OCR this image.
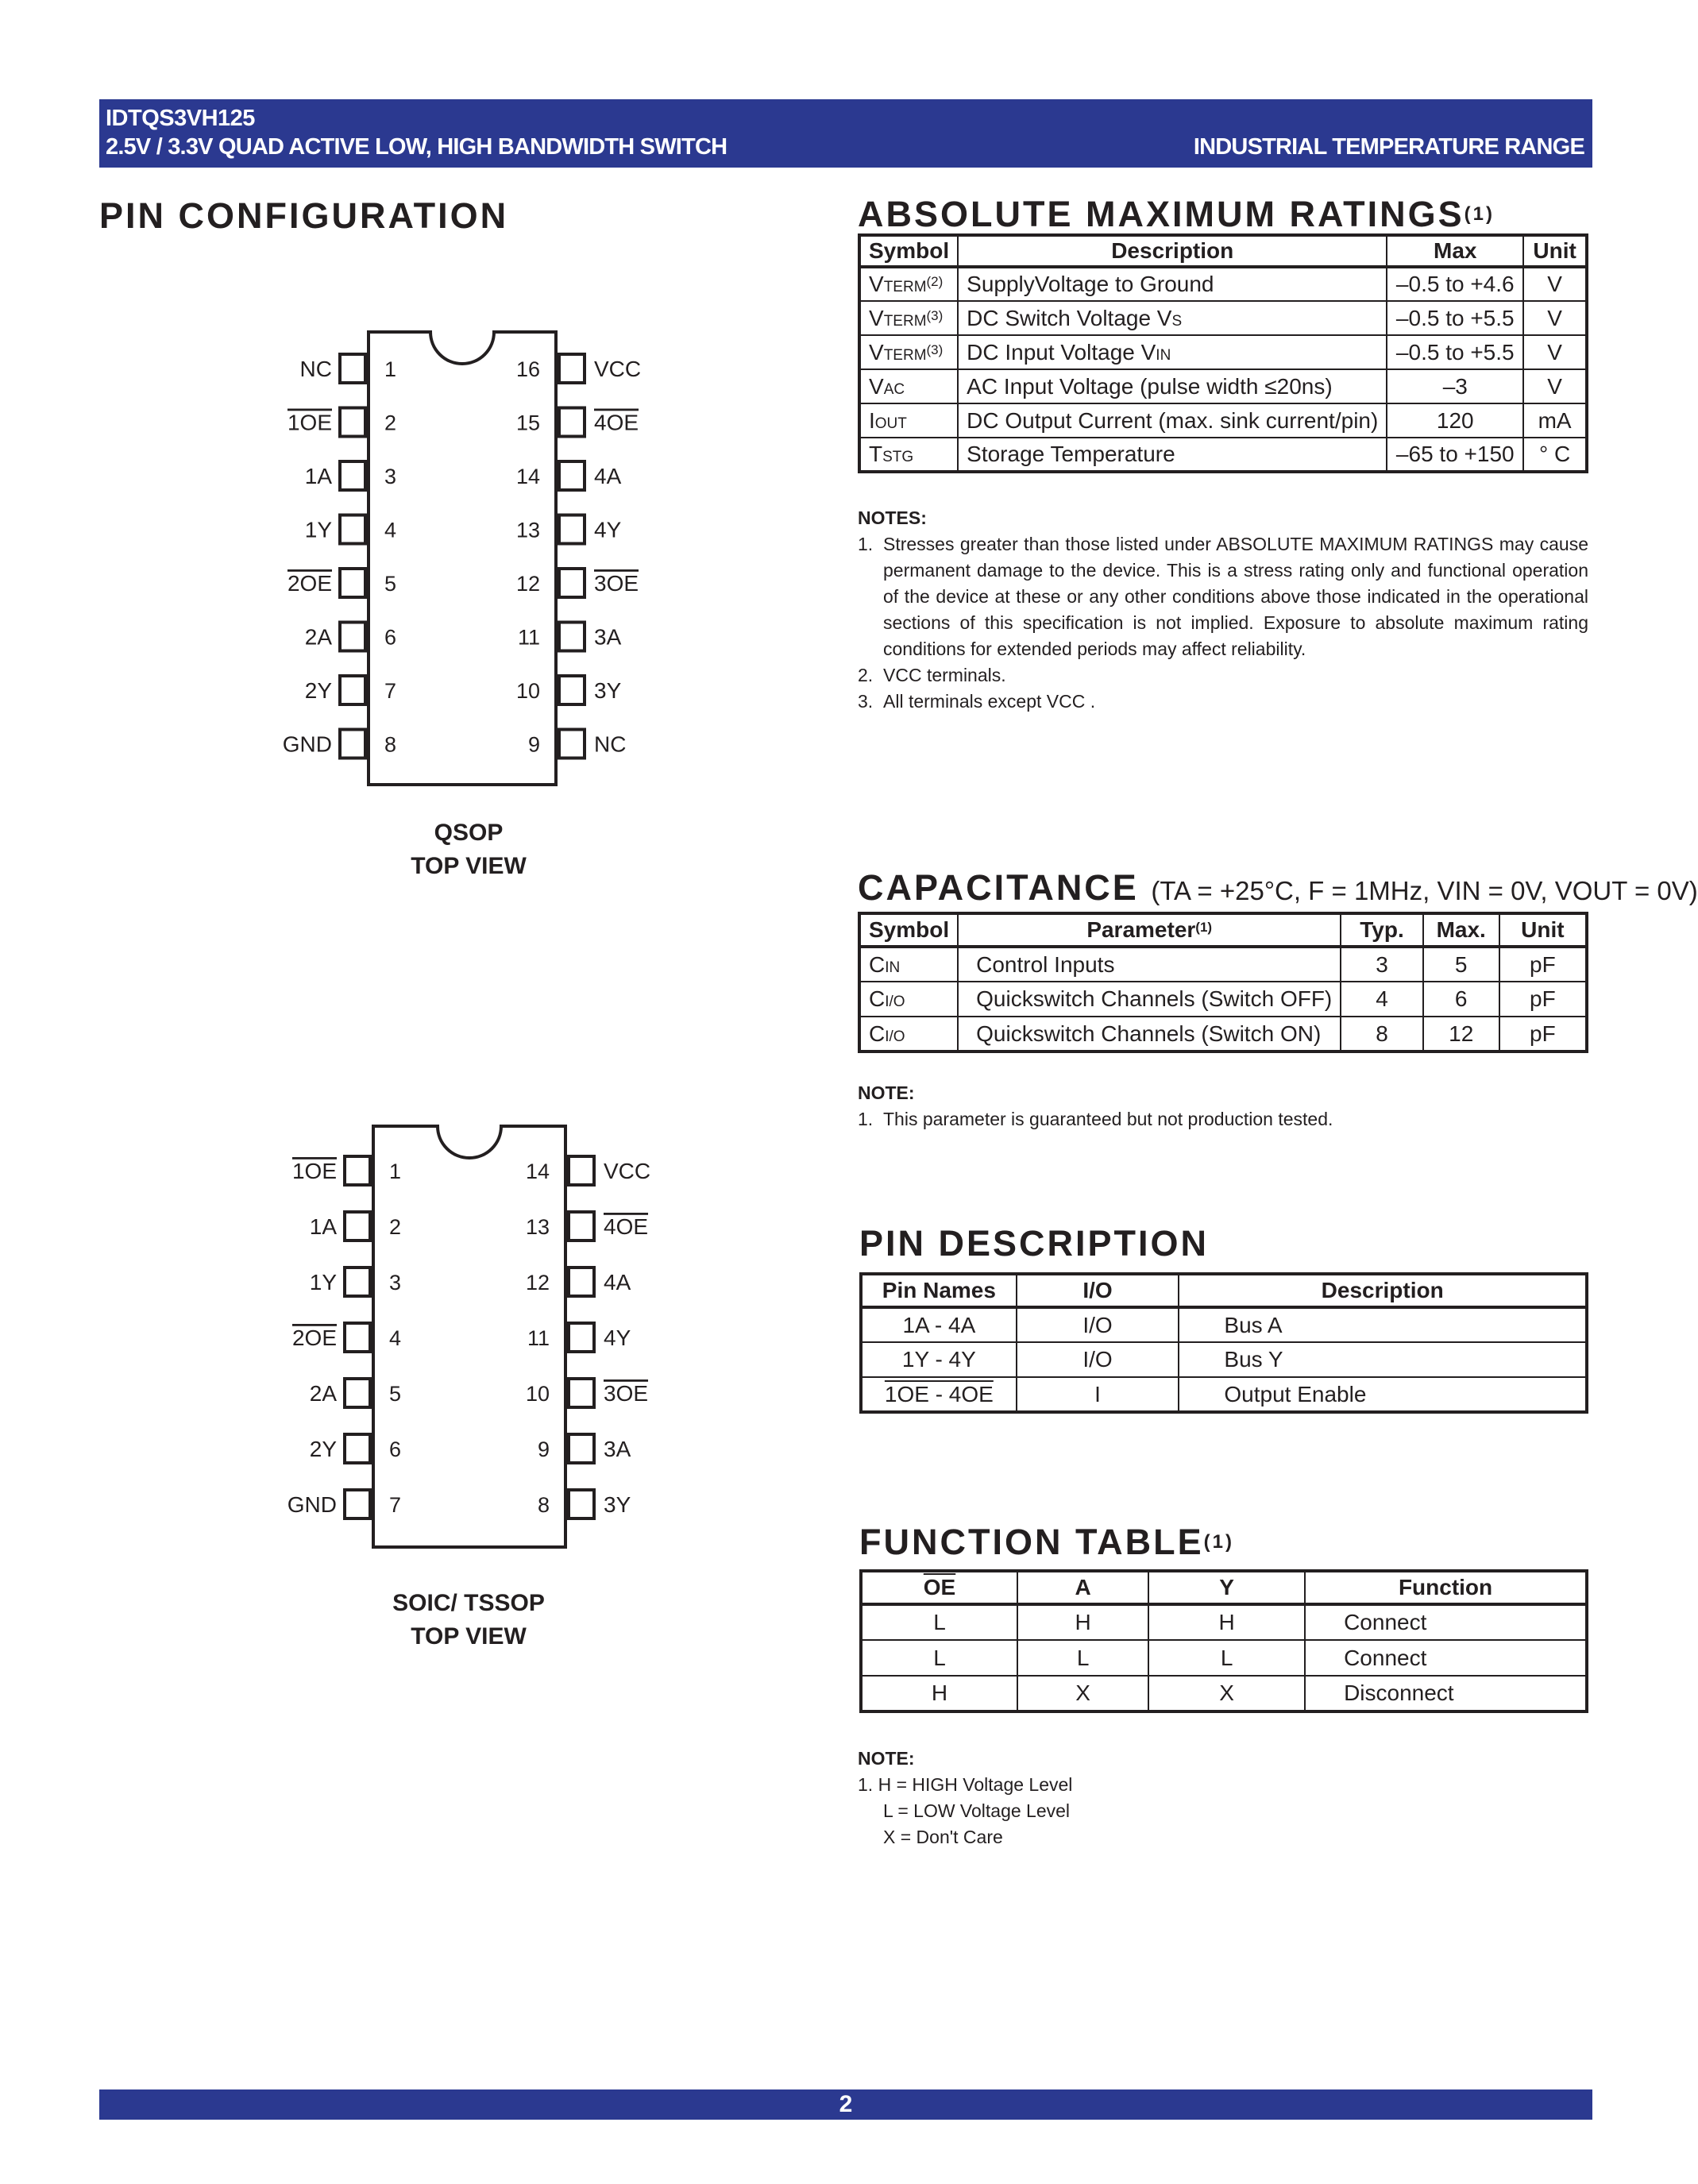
IDTQS3VH125
2.5V / 3.3V QUAD ACTIVE LOW, HIGH BANDWIDTH SWITCH	INDUSTRIAL TEMPERATURE RANGE
PIN CONFIGURATION
NC 1
1OE 2
1A 3
1Y 4
2OE 5
2A 6
2Y 7
GND 8
VCC
16
4OE
15
4A
14
4Y
13
3OE
12
3A
11
3Y
10
NC
9
QSOP
TOP VIEW
1OE 1
1A 2
1Y 3
2OE 4
2A 5
2Y 6
GND 7
VCC
14
4OE
13
4A
12
4Y
11
3OE
10
3A
9
3Y
8
SOIC/ TSSOP
TOP VIEW
ABSOLUTE MAXIMUM RATINGS$^{(1)}$
Symbol	Description	Max	Unit
VTERM$^{(2)}$	SupplyVoltage to Ground	–0.5 to +4.6	V
VTERM$^{(3)}$	DC Switch Voltage VS	–0.5 to +5.5	V
VTERM$^{(3)}$	DC Input Voltage VIN	–0.5 to +5.5	V
VAC	AC Input Voltage (pulse width ≤20ns)	–3	V
IOUT	DC Output Current (max. sink current/pin)	120	mA
TSTG	Storage Temperature	–65 to +150	° C
NOTES:
1. Stresses greater than those listed under ABSOLUTE MAXIMUM RATINGS may cause permanent damage to the device. This is a stress rating only and functional operation of the device at these or any other conditions above those indicated in the operational sections of this specification is not implied. Exposure to absolute maximum rating conditions for extended periods may affect reliability.
2. VCC terminals.
3. All terminals except VCC .
CAPACITANCE (TA = +25°C, F = 1MHz, VIN = 0V, VOUT = 0V)
Symbol	Parameter$^{(1)}$	Typ.	Max.	Unit
CIN	Control Inputs	3	5	pF
CI/O	Quickswitch Channels (Switch OFF)	4	6	pF
CI/O	Quickswitch Channels (Switch ON)	8	12	pF
NOTE:
1. This parameter is guaranteed but not production tested.
PIN DESCRIPTION
Pin Names	I/O	Description
1A - 4A	I/O	Bus A
1Y - 4Y	I/O	Bus Y
1OE - 4OE	I	Output Enable
FUNCTION TABLE$^{(1)}$
$\overline{OE}$	A	Y	Function
L	H	H	Connect
L	L	L	Connect
H	X	X	Disconnect
NOTE:
1. H = HIGH Voltage Level
L = LOW Voltage Level
X = Don't Care
2
